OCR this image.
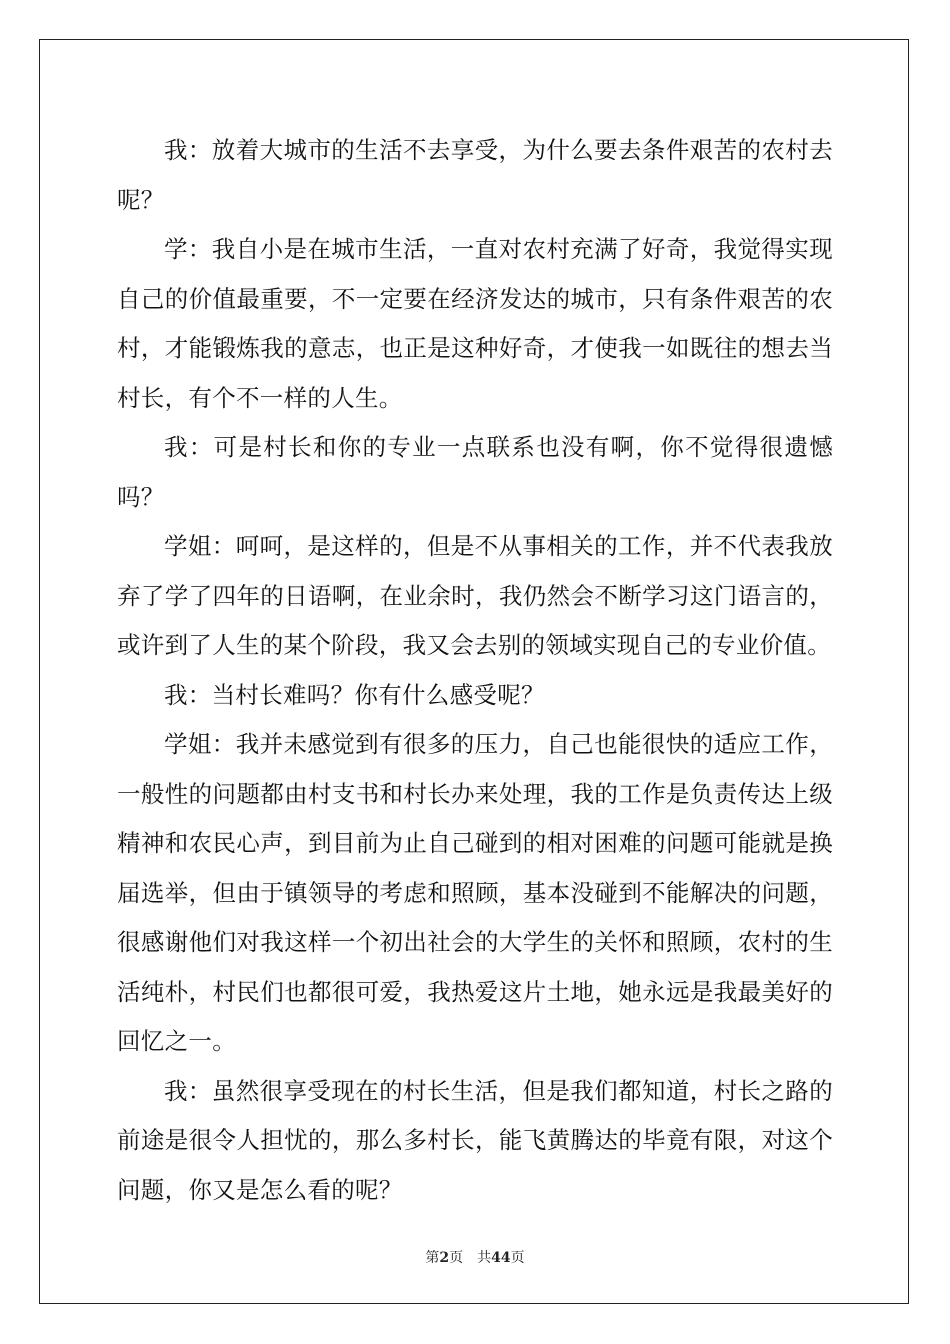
我：放着大城市的生活不去享受，为什么要去条件艰苦的农村去呢？

学：我自小是在城市生活，一直对农村充满了好奇，我觉得实现自己的价值最重要，不一定要在经济发达的城市，只有条件艰苦的农村，才能锻炼我的意志，也正是这种好奇，才使我一如既往的想去当村长，有个不一样的人生。

我：可是村长和你的专业一点联系也没有啊，你不觉得很遗憾吗？

学姐：呵呵，是这样的，但是不从事相关的工作，并不代表我放弃了学了四年的日语啊，在业余时，我仍然会不断学习这门语言的，或许到了人生的某个阶段，我又会去别的领域实现自己的专业价值。

我：当村长难吗？你有什么感受呢？

学姐：我并未感觉到有很多的压力，自己也能很快的适应工作，一般性的问题都由村支书和村长办来处理，我的工作是负责传达上级精神和农民心声，到目前为止自己碰到的相对困难的问题可能就是换届选举，但由于镇领导的考虑和照顾，基本没碰到不能解决的问题，很感谢他们对我这样一个初出社会的大学生的关怀和照顾，农村的生活纯朴，村民们也都很可爱，我热爱这片土地，她永远是我最美好的回忆之一。

我：虽然很享受现在的村长生活，但是我们都知道，村长之路的前途是很令人担忧的，那么多村长，能飞黄腾达的毕竟有限，对这个问题，你又是怎么看的呢？

第2页 共44页
